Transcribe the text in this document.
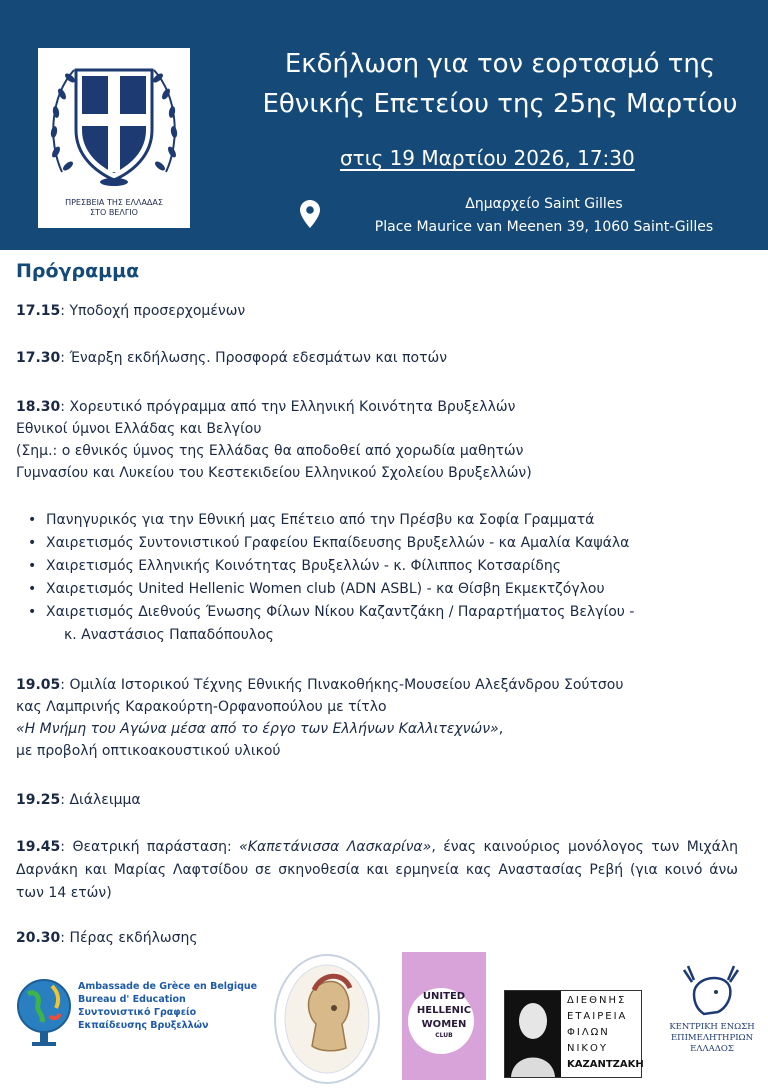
ΠΡΕΣΒΕΙΑ ΤΗΣ ΕΛΛΑΔΑΣ
ΣΤΟ ΒΕΛΓΙΟ
Εκδήλωση για τον εορτασμό της
Εθνικής Επετείου της 25ης Μαρτίου
στις 19 Μαρτίου 2026, 17:30
Δημαρχείο Saint Gilles
Place Maurice van Meenen 39, 1060 Saint-Gilles
Πρόγραμμα
17.15: Υποδοχή προσερχομένων
17.30: Έναρξη εκδήλωσης. Προσφορά εδεσμάτων και ποτών
18.30: Χορευτικό πρόγραμμα από την Ελληνική Κοινότητα Βρυξελλών
Εθνικοί ύμνοι Ελλάδας και Βελγίου
(Σημ.: ο εθνικός ύμνος της Ελλάδας θα αποδοθεί από χορωδία μαθητών
Γυμνασίου και Λυκείου του Κεστεκιδείου Ελληνικού Σχολείου Βρυξελλών)
• Πανηγυρικός για την Εθνική μας Επέτειο από την Πρέσβυ κα Σοφία Γραμματά
• Χαιρετισμός Συντονιστικού Γραφείου Εκπαίδευσης Βρυξελλών - κα Αμαλία Καψάλα
• Χαιρετισμός Ελληνικής Κοινότητας Βρυξελλών - κ. Φίλιππος Κοτσαρίδης
• Χαιρετισμός United Hellenic Women club (ADN ASBL) - κα Θίσβη Εκμεκτζόγλου
• Χαιρετισμός Διεθνούς Ένωσης Φίλων Νίκου Καζαντζάκη / Παραρτήματος Βελγίου -
κ. Αναστάσιος Παπαδόπουλος
19.05: Ομιλία Ιστορικού Τέχνης Εθνικής Πινακοθήκης-Μουσείου Αλεξάνδρου Σούτσου
κας Λαμπρινής Καρακούρτη-Ορφανοπούλου με τίτλο
«Η Μνήμη του Αγώνα μέσα από το έργο των Ελλήνων Καλλιτεχνών»,
με προβολή οπτικοακουστικού υλικού
19.25: Διάλειμμα
19.45: Θεατρική παράσταση: «Καπετάνισσα Λασκαρίνα», ένας καινούριος μονόλογος των Μιχάλη Δαρνάκη και Μαρίας Λαφτσίδου σε σκηνοθεσία και ερμηνεία κας Αναστασίας Ρεβή (για κοινό άνω των 14 ετών)
20.30: Πέρας εκδήλωσης
Ambassade de Grèce en Belgique
Bureau d' Education
Συντονιστικό Γραφείο
Εκπαίδευσης Βρυξελλών
UNITED
HELLENIC
WOMEN
CLUB
ΔΙΕΘΝΗΣ
ΕΤΑΙΡΕΙΑ
ΦΙΛΩΝ
ΝΙΚΟΥ
ΚΑΖΑΝΤΖΑΚΗ
ΚΕΝΤΡΙΚΗ ΕΝΩΣΗ
ΕΠΙΜΕΛΗΤΗΡΙΩΝ
ΕΛΛΑΔΟΣ
